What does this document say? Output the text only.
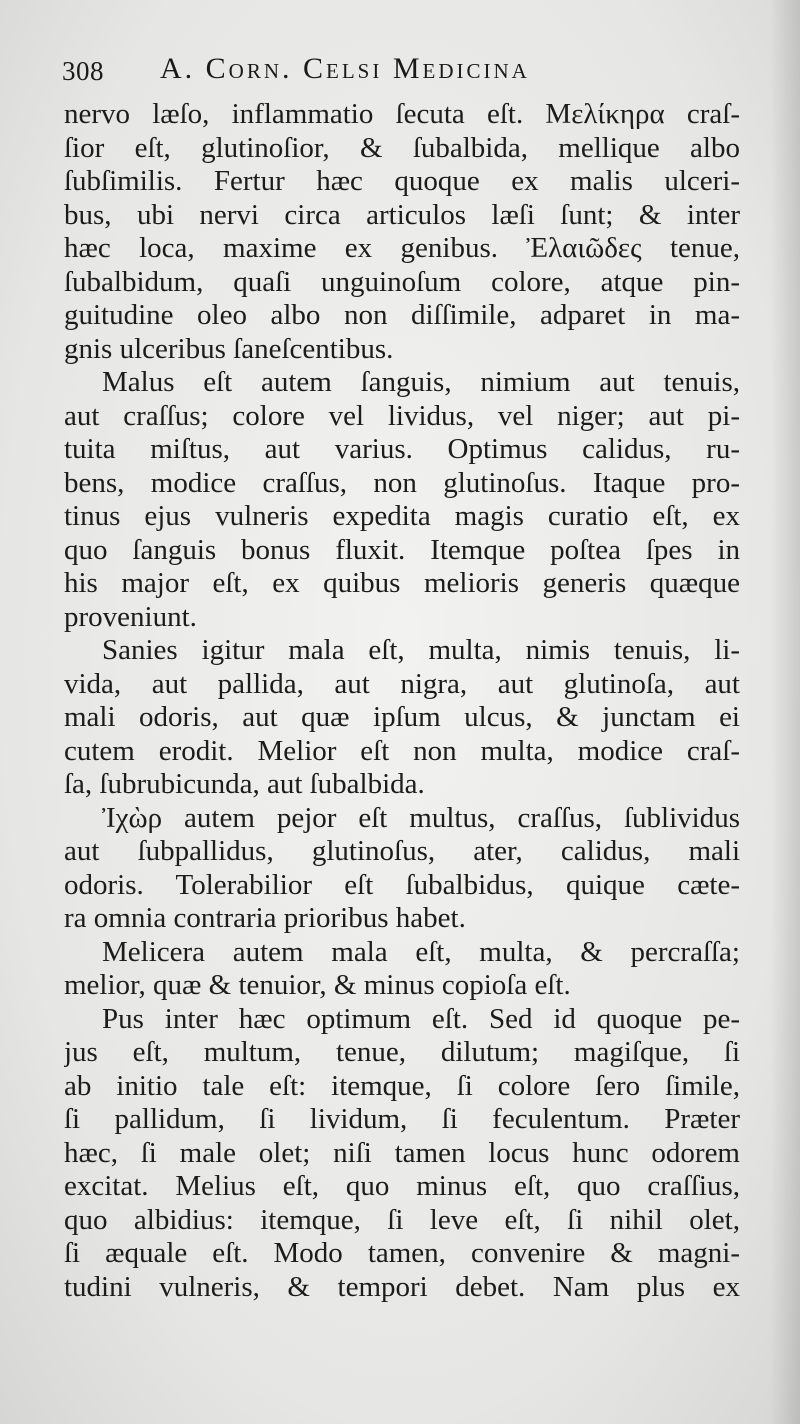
308 A. Corn. Celsi Medicina
nervo læſo, inflammatio ſecuta eſt. Μελίκηρα craſ-
ſior eſt, glutinoſior, & ſubalbida, mellique albo
ſubſimilis. Fertur hæc quoque ex malis ulceri-
bus, ubi nervi circa articulos læſi ſunt; & inter
hæc loca, maxime ex genibus. Ἐλαιῶδες tenue,
ſubalbidum, quaſi unguinoſum colore, atque pin-
guitudine oleo albo non diſſimile, adparet in ma-
gnis ulceribus ſaneſcentibus.
Malus eſt autem ſanguis, nimium aut tenuis,
aut craſſus; colore vel lividus, vel niger; aut pi-
tuita miſtus, aut varius. Optimus calidus, ru-
bens, modice craſſus, non glutinoſus. Itaque pro-
tinus ejus vulneris expedita magis curatio eſt, ex
quo ſanguis bonus fluxit. Itemque poſtea ſpes in
his major eſt, ex quibus melioris generis quæque
proveniunt.
Sanies igitur mala eſt, multa, nimis tenuis, li-
vida, aut pallida, aut nigra, aut glutinoſa, aut
mali odoris, aut quæ ipſum ulcus, & junctam ei
cutem erodit. Melior eſt non multa, modice craſ-
ſa, ſubrubicunda, aut ſubalbida.
Ἰχὼρ autem pejor eſt multus, craſſus, ſublividus
aut ſubpallidus, glutinoſus, ater, calidus, mali
odoris. Tolerabilior eſt ſubalbidus, quique cæte-
ra omnia contraria prioribus habet.
Melicera autem mala eſt, multa, & percraſſa;
melior, quæ & tenuior, & minus copioſa eſt.
Pus inter hæc optimum eſt. Sed id quoque pe-
jus eſt, multum, tenue, dilutum; magiſque, ſi
ab initio tale eſt: itemque, ſi colore ſero ſimile,
ſi pallidum, ſi lividum, ſi feculentum. Præter
hæc, ſi male olet; niſi tamen locus hunc odorem
excitat. Melius eſt, quo minus eſt, quo craſſius,
quo albidius: itemque, ſi leve eſt, ſi nihil olet,
ſi æquale eſt. Modo tamen, convenire & magni-
tudini vulneris, & tempori debet. Nam plus ex
